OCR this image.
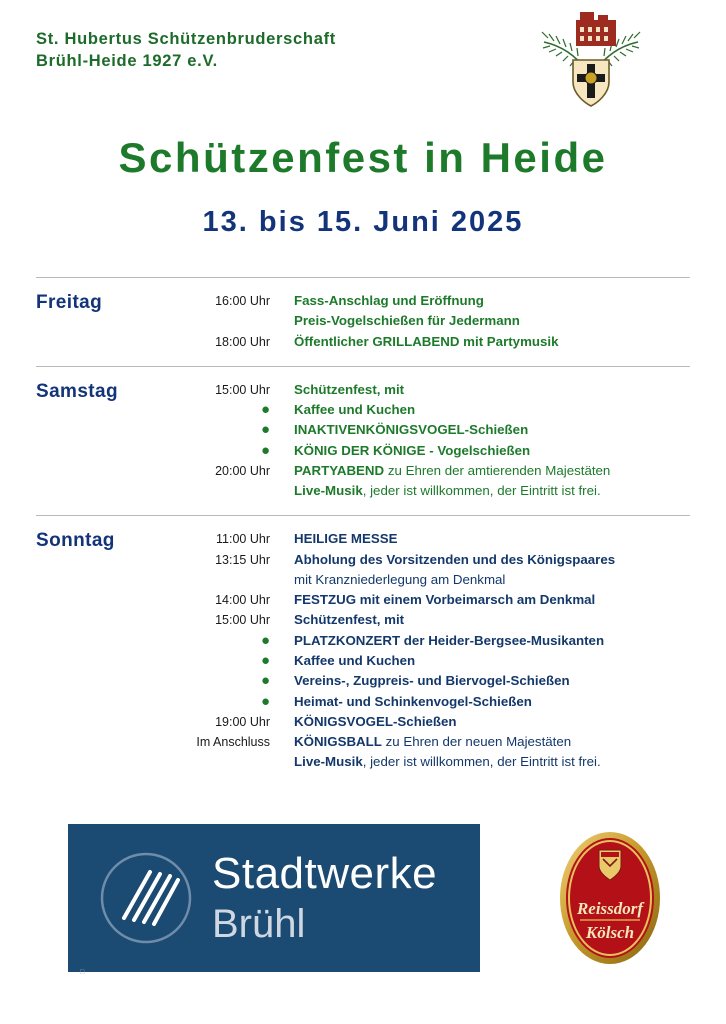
St. Hubertus Schützenbruderschaft
Brühl-Heide 1927 e.V.
Schützenfest in Heide
13. bis 15. Juni 2025
Freitag	16:00 Uhr	Fass-Anschlag und Eröffnung
Preis-Vogelschießen für Jedermann
18:00 Uhr	Öffentlicher GRILLABEND mit Partymusik
Samstag	15:00 Uhr	Schützenfest, mit
●	Kaffee und Kuchen
●	INAKTIVENKÖNIGSVOGEL-Schießen
●	KÖNIG DER KÖNIGE - Vogelschießen
20:00 Uhr	PARTYABEND zu Ehren der amtierenden Majestäten
Live-Musik, jeder ist willkommen, der Eintritt ist frei.
Sonntag	11:00 Uhr	HEILIGE MESSE
13:15 Uhr	Abholung des Vorsitzenden und des Königspaares
mit Kranzniederlegung am Denkmal
14:00 Uhr	FESTZUG mit einem Vorbeimarsch am Denkmal
15:00 Uhr	Schützenfest, mit
●	PLATZKONZERT der Heider-Bergsee-Musikanten
●	Kaffee und Kuchen
●	Vereins-, Zugpreis- und Biervogel-Schießen
●	Heimat- und Schinkenvogel-Schießen
19:00 Uhr	KÖNIGSVOGEL-Schießen
Im Anschluss	KÖNIGSBALL zu Ehren der neuen Majestäten
Live-Musik, jeder ist willkommen, der Eintritt ist frei.
Stadtwerke
Brühl	Reissdorf
Kölsch
□
